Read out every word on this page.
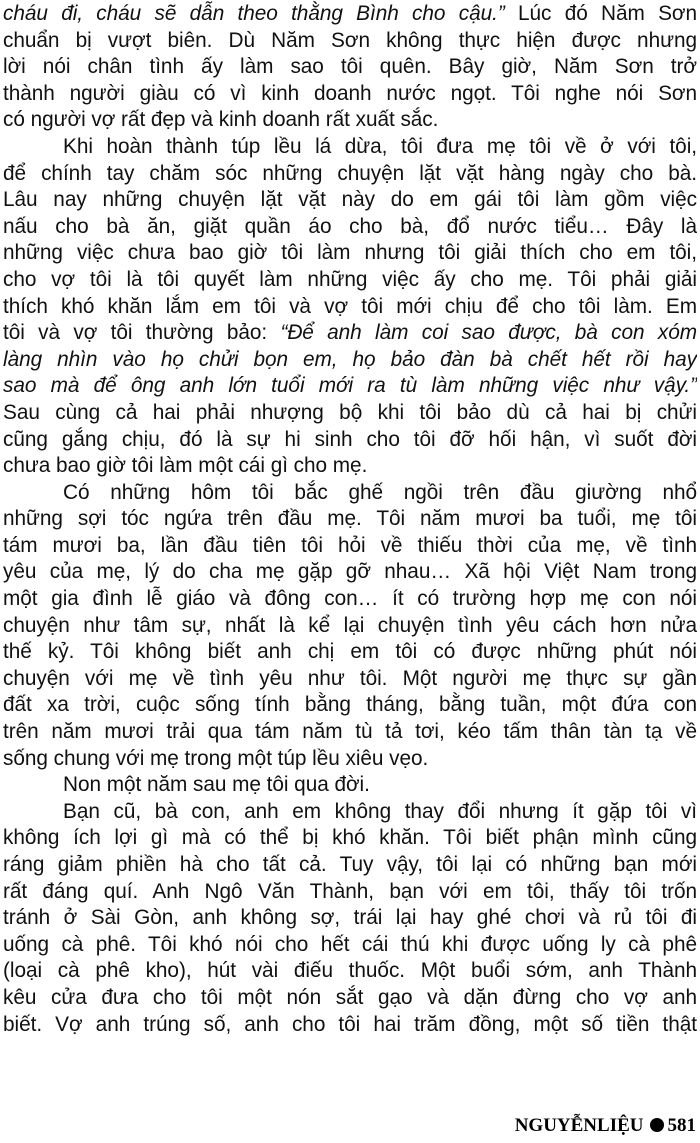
cháu đi, cháu sẽ dẫn theo thằng Bình cho cậu.” Lúc đó Năm Sơn
chuẩn bị vượt biên. Dù Năm Sơn không thực hiện được nhưng
lời nói chân tình ấy làm sao tôi quên. Bây giờ, Năm Sơn trở
thành người giàu có vì kinh doanh nước ngọt. Tôi nghe nói Sơn
có người vợ rất đẹp và kinh doanh rất xuất sắc.
Khi hoàn thành túp lều lá dừa, tôi đưa mẹ tôi về ở với tôi,
để chính tay chăm sóc những chuyện lặt vặt hàng ngày cho bà.
Lâu nay những chuyện lặt vặt này do em gái tôi làm gồm việc
nấu cho bà ăn, giặt quần áo cho bà, đổ nước tiểu… Đây là
những việc chưa bao giờ tôi làm nhưng tôi giải thích cho em tôi,
cho vợ tôi là tôi quyết làm những việc ấy cho mẹ. Tôi phải giải
thích khó khăn lắm em tôi và vợ tôi mới chịu để cho tôi làm. Em
tôi và vợ tôi thường bảo: “Để anh làm coi sao được, bà con xóm
làng nhìn vào họ chửi bọn em, họ bảo đàn bà chết hết rồi hay
sao mà để ông anh lớn tuổi mới ra tù làm những việc như vậy.”
Sau cùng cả hai phải nhượng bộ khi tôi bảo dù cả hai bị chửi
cũng gắng chịu, đó là sự hi sinh cho tôi đỡ hối hận, vì suốt đời
chưa bao giờ tôi làm một cái gì cho mẹ.
Có những hôm tôi bắc ghế ngồi trên đầu giường nhổ
những sợi tóc ngứa trên đầu mẹ. Tôi năm mươi ba tuổi, mẹ tôi
tám mươi ba, lần đầu tiên tôi hỏi về thiếu thời của mẹ, về tình
yêu của mẹ, lý do cha mẹ gặp gỡ nhau… Xã hội Việt Nam trong
một gia đình lễ giáo và đông con… ít có trường hợp mẹ con nói
chuyện như tâm sự, nhất là kể lại chuyện tình yêu cách hơn nửa
thế kỷ. Tôi không biết anh chị em tôi có được những phút nói
chuyện với mẹ về tình yêu như tôi. Một người mẹ thực sự gần
đất xa trời, cuộc sống tính bằng tháng, bằng tuần, một đứa con
trên năm mươi trải qua tám năm tù tả tơi, kéo tấm thân tàn tạ về
sống chung với mẹ trong một túp lều xiêu vẹo.
Non một năm sau mẹ tôi qua đời.
Bạn cũ, bà con, anh em không thay đổi nhưng ít gặp tôi vì
không ích lợi gì mà có thể bị khó khăn. Tôi biết phận mình cũng
ráng giảm phiền hà cho tất cả. Tuy vậy, tôi lại có những bạn mới
rất đáng quí. Anh Ngô Văn Thành, bạn với em tôi, thấy tôi trốn
tránh ở Sài Gòn, anh không sợ, trái lại hay ghé chơi và rủ tôi đi
uống cà phê. Tôi khó nói cho hết cái thú khi được uống ly cà phê
(loại cà phê kho), hút vài điếu thuốc. Một buổi sớm, anh Thành
kêu cửa đưa cho tôi một nón sắt gạo và dặn đừng cho vợ anh
biết. Vợ anh trúng số, anh cho tôi hai trăm đồng, một số tiền thật
NGUYỄNLIỆU 581
